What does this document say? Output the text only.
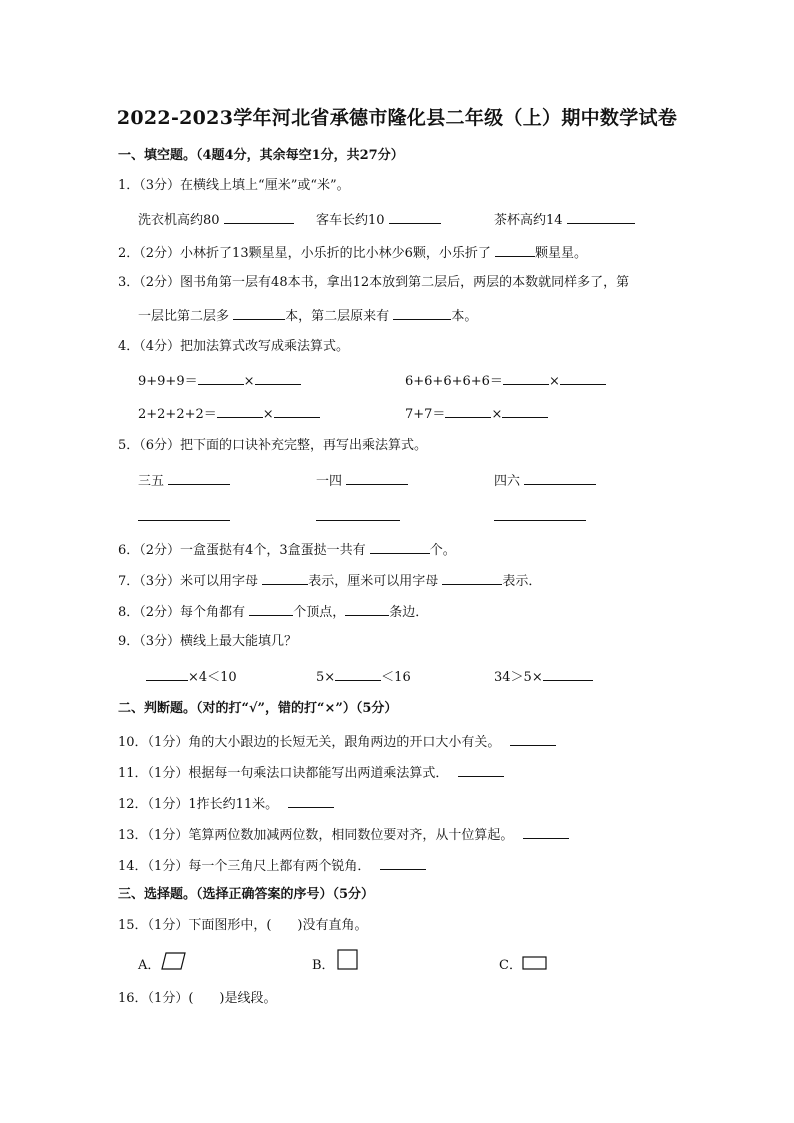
2022-2023学年河北省承德市隆化县二年级（上）期中数学试卷
一、填空题。（4题4分，其余每空1分，共27分）
1．（3分）在横线上填上“厘米”或“米”。
洗衣机高约80	客车长约10	茶杯高约14
2．（2分）小林折了13颗星星，小乐折的比小林少6颗，小乐折了	颗星星。
3．（2分）图书角第一层有48本书，拿出12本放到第二层后，两层的本数就同样多了，第
一层比第二层多	本，第二层原来有	本。
4．（4分）把加法算式改写成乘法算式。
9+9+9＝	×	6+6+6+6+6＝	×
2+2+2+2＝	×	7+7＝	×
5．（6分）把下面的口诀补充完整，再写出乘法算式。
三五	一四	四六
6．（2分）一盒蛋挞有4个，3盒蛋挞一共有	个。
7．（3分）米可以用字母	表示，厘米可以用字母	表示．
8．（2分）每个角都有	个顶点，	条边．
9．（3分）横线上最大能填几？
×4＜10	5×	＜16	34＞5×
二、判断题。（对的打“√”，错的打“×”）（5分）
10．（1分）角的大小跟边的长短无关，跟角两边的开口大小有关。
11．（1分）根据每一句乘法口诀都能写出两道乘法算式．
12．（1分）1拃长约11米。
13．（1分）笔算两位数加减两位数，相同数位要对齐，从十位算起。
14．（1分）每一个三角尺上都有两个锐角．
三、选择题。（选择正确答案的序号）（5分）
15．（1分）下面图形中，(　　)没有直角。
A．	B．	C．
16．（1分）(　　)是线段。
